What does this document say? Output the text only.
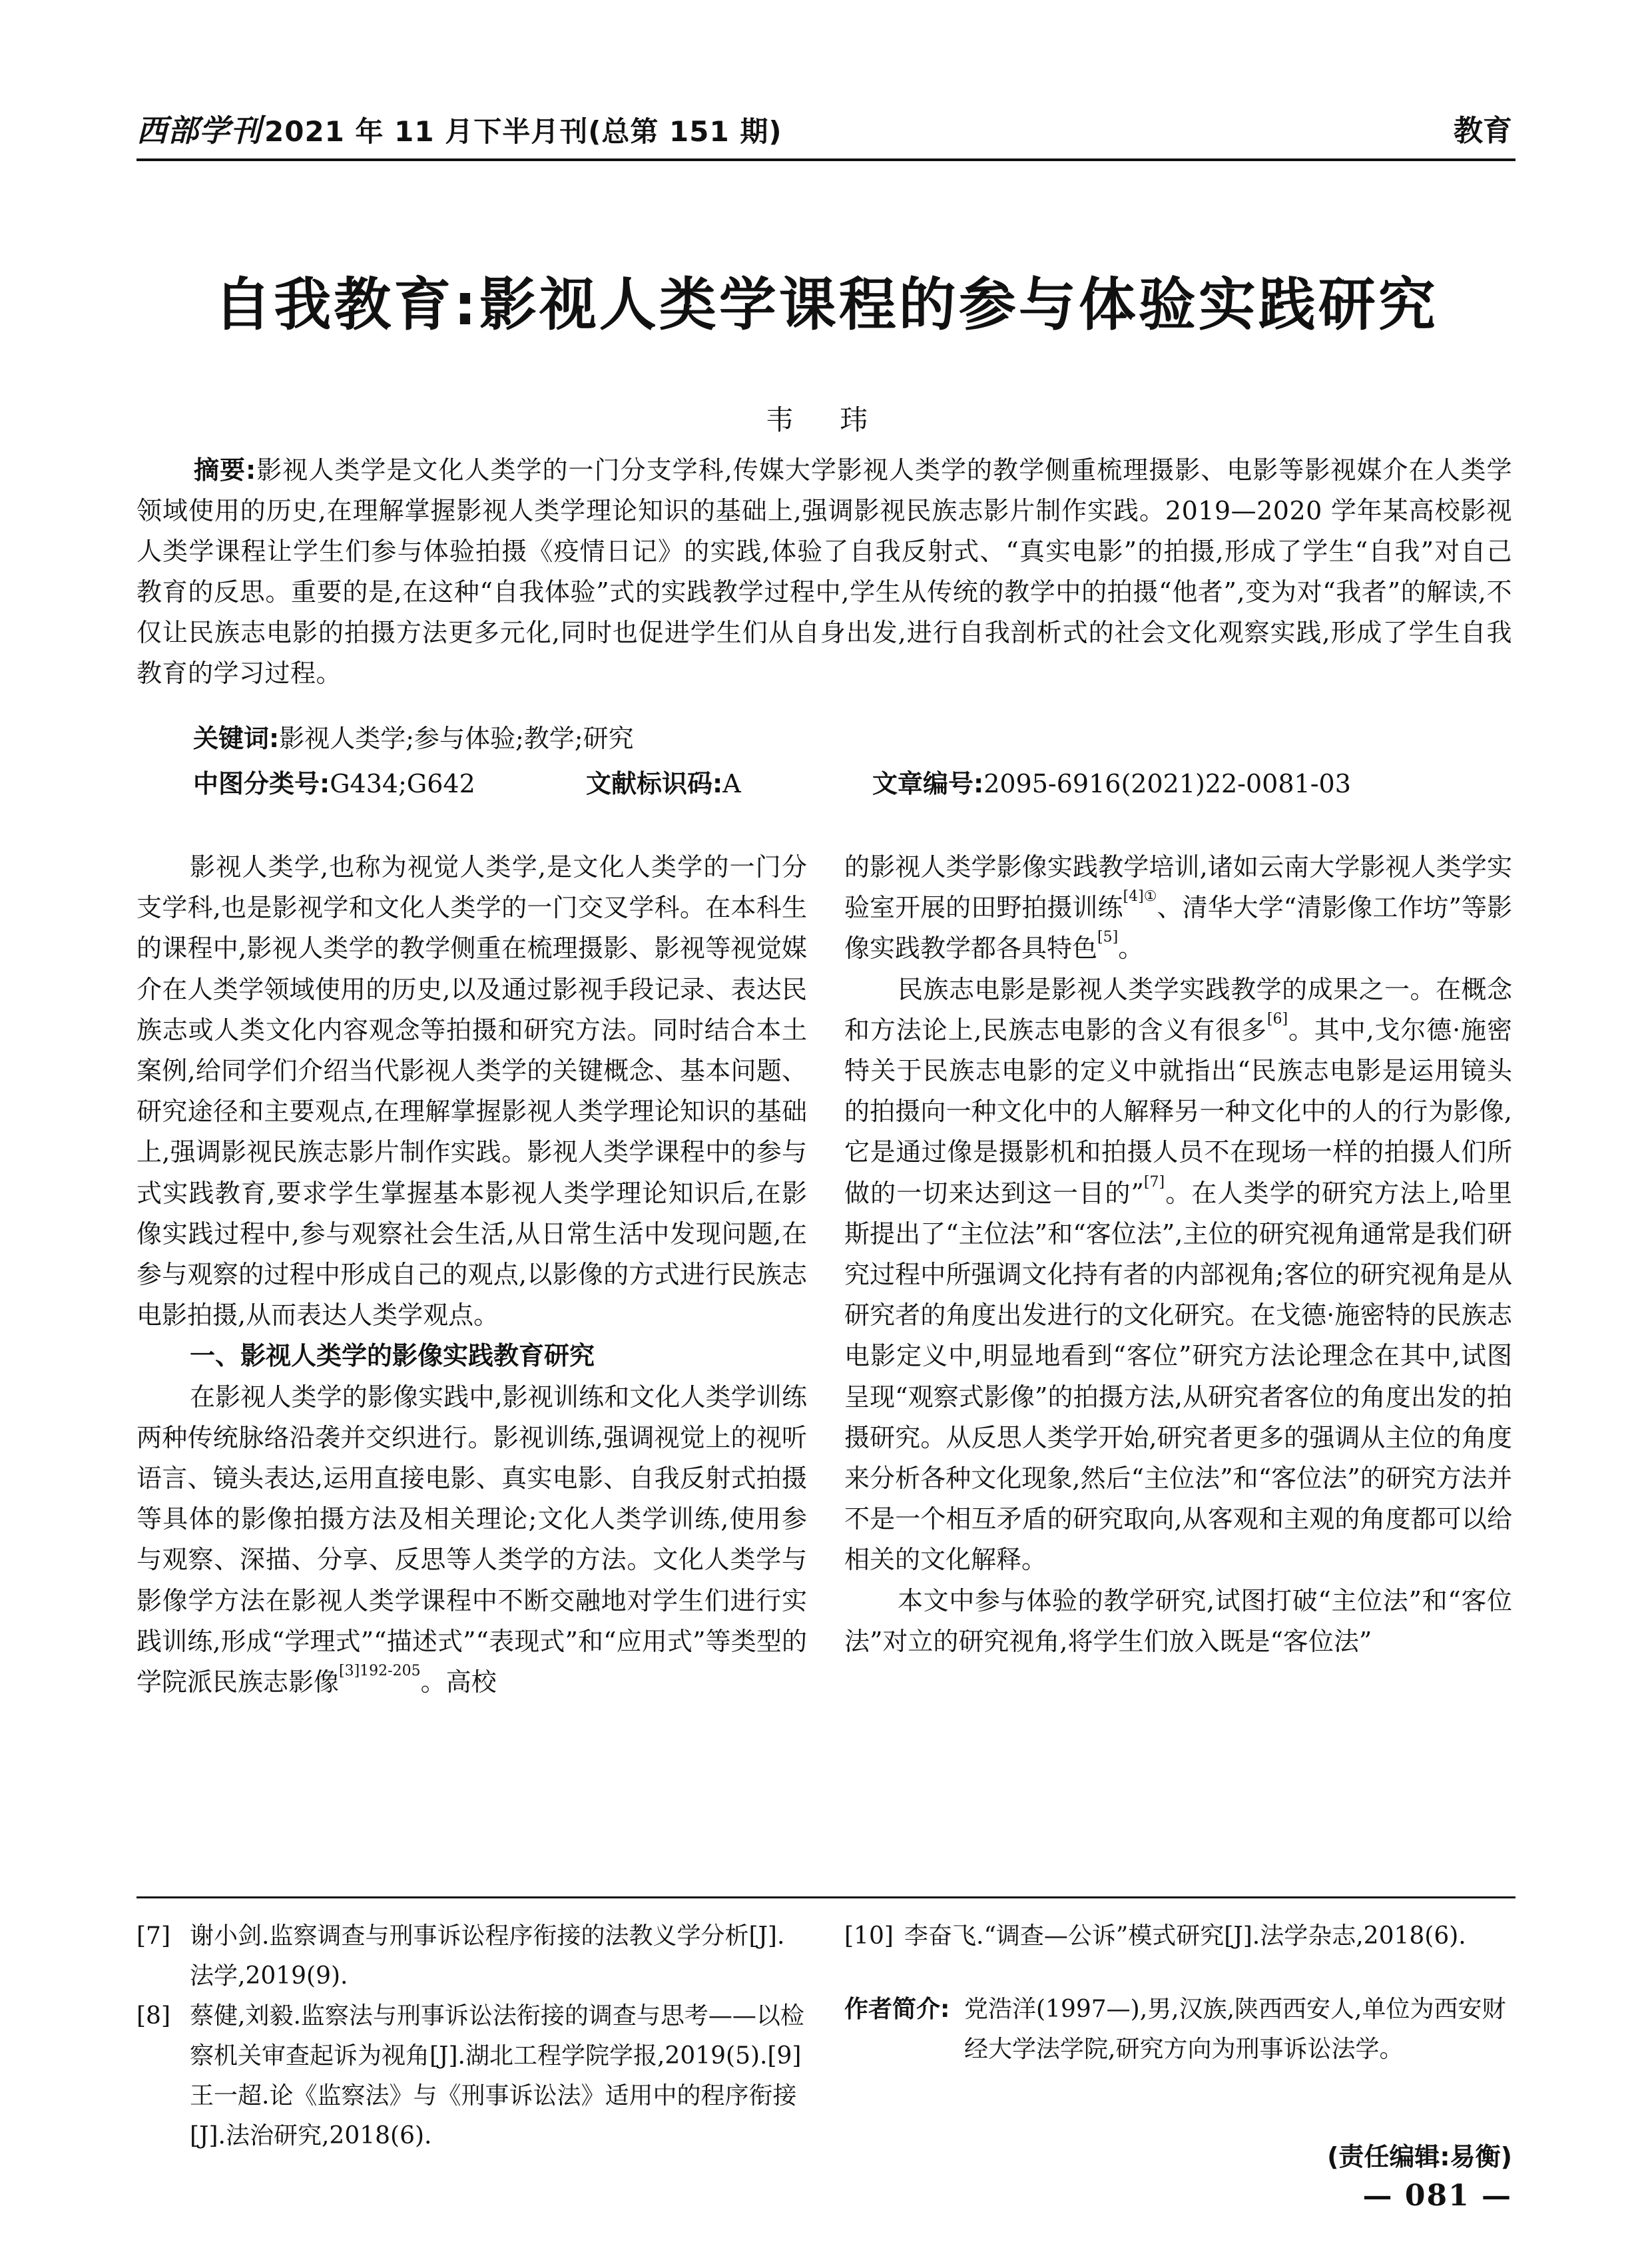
西部学刊2021 年 11 月下半月刊(总第 151 期)	教育
自我教育:影视人类学课程的参与体验实践研究
韦 玮
摘要:影视人类学是文化人类学的一门分支学科,传媒大学影视人类学的教学侧重梳理摄影、电影等影视媒介在人类学领域使用的历史,在理解掌握影视人类学理论知识的基础上,强调影视民族志影片制作实践。2019—2020 学年某高校影视人类学课程让学生们参与体验拍摄《疫情日记》的实践,体验了自我反射式、“真实电影”的拍摄,形成了学生“自我”对自己教育的反思。重要的是,在这种“自我体验”式的实践教学过程中,学生从传统的教学中的拍摄“他者”,变为对“我者”的解读,不仅让民族志电影的拍摄方法更多元化,同时也促进学生们从自身出发,进行自我剖析式的社会文化观察实践,形成了学生自我教育的学习过程。
关键词:影视人类学;参与体验;教学;研究
中图分类号:G434;G642	文献标识码:A	文章编号:2095-6916(2021)22-0081-03

影视人类学,也称为视觉人类学,是文化人类学的一门分支学科,也是影视学和文化人类学的一门交叉学科。在本科生的课程中,影视人类学的教学侧重在梳理摄影、影视等视觉媒介在人类学领域使用的历史,以及通过影视手段记录、表达民族志或人类文化内容观念等拍摄和研究方法。同时结合本土案例,给同学们介绍当代影视人类学的关键概念、基本问题、研究途径和主要观点,在理解掌握影视人类学理论知识的基础上,强调影视民族志影片制作实践。影视人类学课程中的参与式实践教育,要求学生掌握基本影视人类学理论知识后,在影像实践过程中,参与观察社会生活,从日常生活中发现问题,在参与观察的过程中形成自己的观点,以影像的方式进行民族志电影拍摄,从而表达人类学观点。

一、影视人类学的影像实践教育研究

在影视人类学的影像实践中,影视训练和文化人类学训练两种传统脉络沿袭并交织进行。影视训练,强调视觉上的视听语言、镜头表达,运用直接电影、真实电影、自我反射式拍摄等具体的影像拍摄方法及相关理论;文化人类学训练,使用参与观察、深描、分享、反思等人类学的方法。文化人类学与影像学方法在影视人类学课程中不断交融地对学生们进行实践训练,形成“学理式”“描述式”“表现式”和“应用式”等类型的学院派民族志影像$^{[3]192-205}$。高校

的影视人类学影像实践教学培训,诸如云南大学影视人类学实验室开展的田野拍摄训练$^{[4]①}$、清华大学“清影像工作坊”等影像实践教学都各具特色[5]。

民族志电影是影视人类学实践教学的成果之一。在概念和方法论上,民族志电影的含义有很多[6]。其中,戈尔德·施密特关于民族志电影的定义中就指出“民族志电影是运用镜头的拍摄向一种文化中的人解释另一种文化中的人的行为影像,它是通过像是摄影机和拍摄人员不在现场一样的拍摄人们所做的一切来达到这一目的”[7]。在人类学的研究方法上,哈里斯提出了“主位法”和“客位法”,主位的研究视角通常是我们研究过程中所强调文化持有者的内部视角;客位的研究视角是从研究者的角度出发进行的文化研究。在戈德·施密特的民族志电影定义中,明显地看到“客位”研究方法论理念在其中,试图呈现“观察式影像”的拍摄方法,从研究者客位的角度出发的拍摄研究。从反思人类学开始,研究者更多的强调从主位的角度来分析各种文化现象,然后“主位法”和“客位法”的研究方法并不是一个相互矛盾的研究取向,从客观和主观的角度都可以给相关的文化解释。

本文中参与体验的教学研究,试图打破“主位法”和“客位法”对立的研究视角,将学生们放入既是“客位法”

[7] 谢小剑.监察调查与刑事诉讼程序衔接的法教义学分析[J].法学,2019(9).
[8] 蔡健,刘毅.监察法与刑事诉讼法衔接的调查与思考——以检察机关审查起诉为视角[J].湖北工程学院学报,2019(5).[9]王一超.论《监察法》与《刑事诉讼法》适用中的程序衔接[J].法治研究,2018(6).
[10] 李奋飞.“调查—公诉”模式研究[J].法学杂志,2018(6).
作者简介: 党浩洋(1997—),男,汉族,陕西西安人,单位为西安财经大学法学院,研究方向为刑事诉讼法学。
(责任编辑:易衡)
— 081 —
